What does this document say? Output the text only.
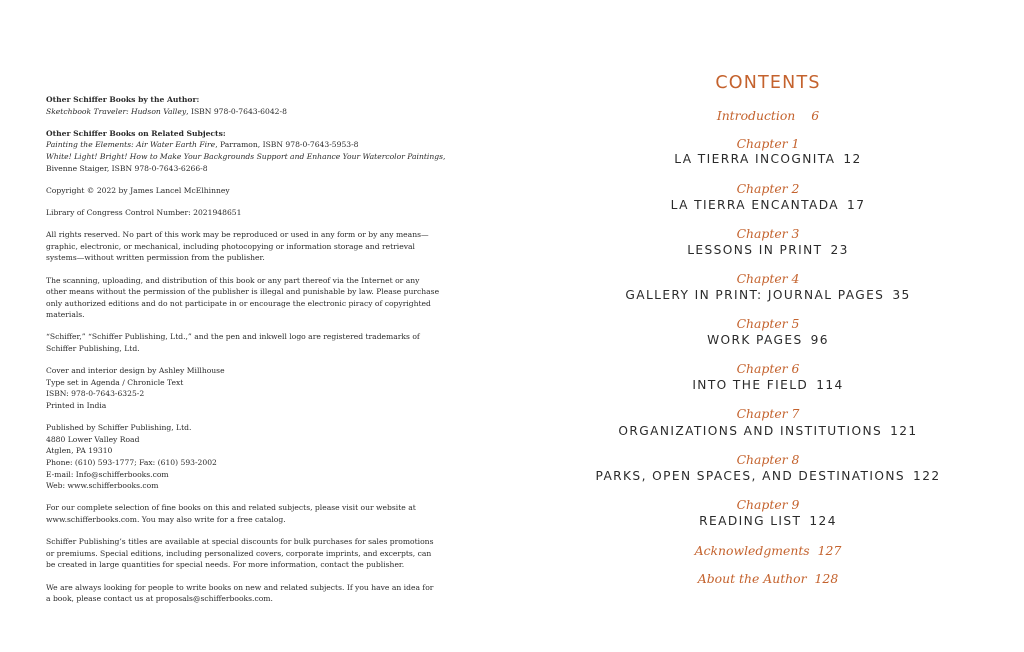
Other Schiffer Books by the Author:
Sketchbook Traveler: Hudson Valley, ISBN 978-0-7643-6042-8
Other Schiffer Books on Related Subjects:
Painting the Elements: Air Water Earth Fire, Parramon, ISBN 978-0-7643-5953-8
White! Light! Bright! How to Make Your Backgrounds Support and Enhance Your Watercolor Paintings,
Bivenne Staiger, ISBN 978-0-7643-6266-8
Copyright © 2022 by James Lancel McElhinney
Library of Congress Control Number: 2021948651
All rights reserved. No part of this work may be reproduced or used in any form or by any means—
graphic, electronic, or mechanical, including photocopying or information storage and retrieval
systems—without written permission from the publisher.
The scanning, uploading, and distribution of this book or any part thereof via the Internet or any
other means without the permission of the publisher is illegal and punishable by law. Please purchase
only authorized editions and do not participate in or encourage the electronic piracy of copyrighted
materials.
“Schiffer,” “Schiffer Publishing, Ltd.,” and the pen and inkwell logo are registered trademarks of
Schiffer Publishing, Ltd.
Cover and interior design by Ashley Millhouse
Type set in Agenda / Chronicle Text
ISBN: 978-0-7643-6325-2
Printed in India
Published by Schiffer Publishing, Ltd.
4880 Lower Valley Road
Atglen, PA 19310
Phone: (610) 593-1777; Fax: (610) 593-2002
E-mail: Info@schifferbooks.com
Web: www.schifferbooks.com
For our complete selection of fine books on this and related subjects, please visit our website at
www.schifferbooks.com. You may also write for a free catalog.
Schiffer Publishing’s titles are available at special discounts for bulk purchases for sales promotions
or premiums. Special editions, including personalized covers, corporate imprints, and excerpts, can
be created in large quantities for special needs. For more information, contact the publisher.
We are always looking for people to write books on new and related subjects. If you have an idea for
a book, please contact us at proposals@schifferbooks.com.
CONTENTS
Introduction 6
Chapter 1
LA TIERRA INCOGNITA 12
Chapter 2
LA TIERRA ENCANTADA 17
Chapter 3
LESSONS IN PRINT 23
Chapter 4
GALLERY IN PRINT: JOURNAL PAGES 35
Chapter 5
WORK PAGES 96
Chapter 6
INTO THE FIELD 114
Chapter 7
ORGANIZATIONS AND INSTITUTIONS 121
Chapter 8
PARKS, OPEN SPACES, AND DESTINATIONS 122
Chapter 9
READING LIST 124
Acknowledgments 127
About the Author 128
